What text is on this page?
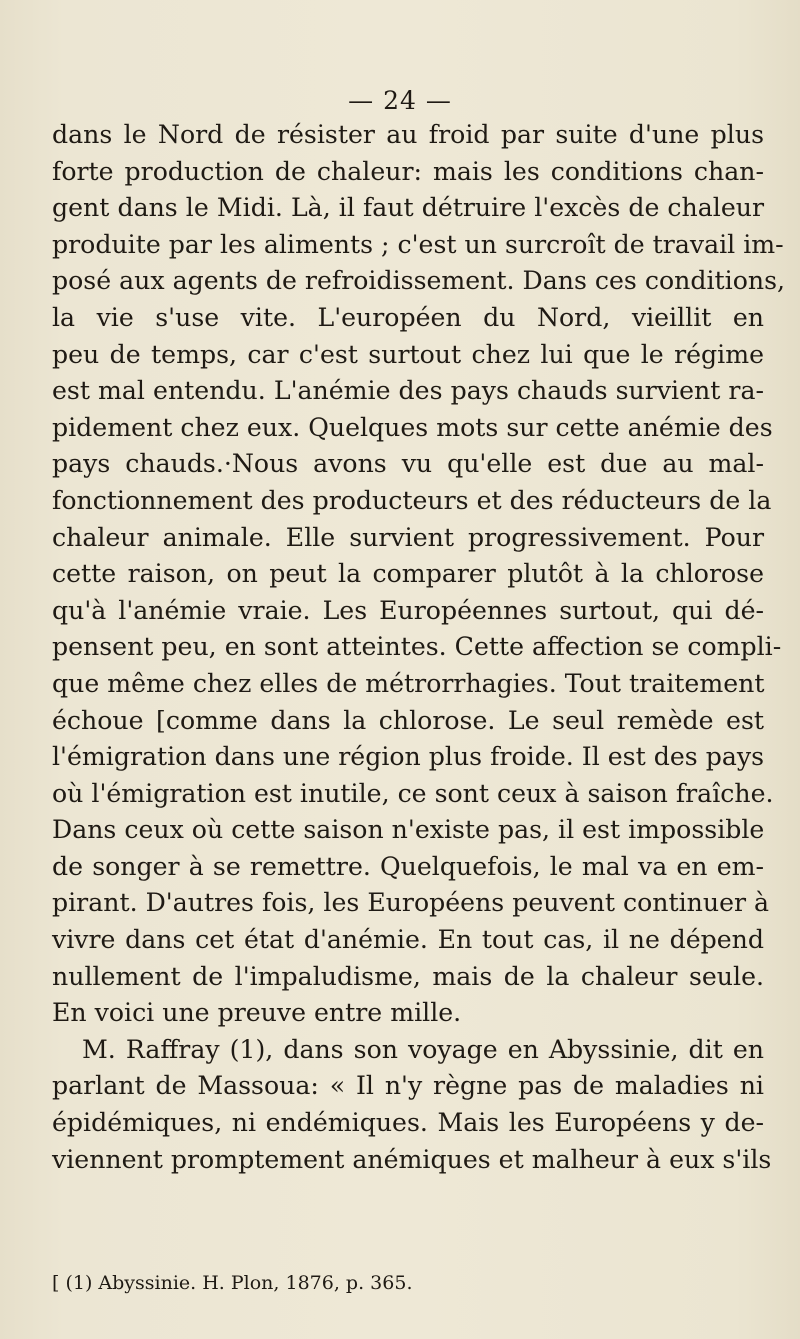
— 24 —
dans le Nord de résister au froid par suite d'une plus
forte production de chaleur: mais les conditions chan-
gent dans le Midi. Là, il faut détruire l'excès de chaleur
produite par les aliments ; c'est un surcroît de travail im-
posé aux agents de refroidissement. Dans ces conditions,
la vie s'use vite. L'européen du Nord, vieillit en
peu de temps, car c'est surtout chez lui que le régime
est mal entendu. L'anémie des pays chauds survient ra-
pidement chez eux. Quelques mots sur cette anémie des
pays chauds.·Nous avons vu qu'elle est due au mal-
fonctionnement des producteurs et des réducteurs de la
chaleur animale. Elle survient progressivement. Pour
cette raison, on peut la comparer plutôt à la chlorose
qu'à l'anémie vraie. Les Européennes surtout, qui dé-
pensent peu, en sont atteintes. Cette affection se compli-
que même chez elles de métrorrhagies. Tout traitement
échoue [comme dans la chlorose. Le seul remède est
l'émigration dans une région plus froide. Il est des pays
où l'émigration est inutile, ce sont ceux à saison fraîche.
Dans ceux où cette saison n'existe pas, il est impossible
de songer à se remettre. Quelquefois, le mal va en em-
pirant. D'autres fois, les Européens peuvent continuer à
vivre dans cet état d'anémie. En tout cas, il ne dépend
nullement de l'impaludisme, mais de la chaleur seule.
En voici une preuve entre mille.
M. Raffray (1), dans son voyage en Abyssinie, dit en
parlant de Massoua: « Il n'y règne pas de maladies ni
épidémiques, ni endémiques. Mais les Européens y de-
viennent promptement anémiques et malheur à eux s'ils
[ (1) Abyssinie. H. Plon, 1876, p. 365.
